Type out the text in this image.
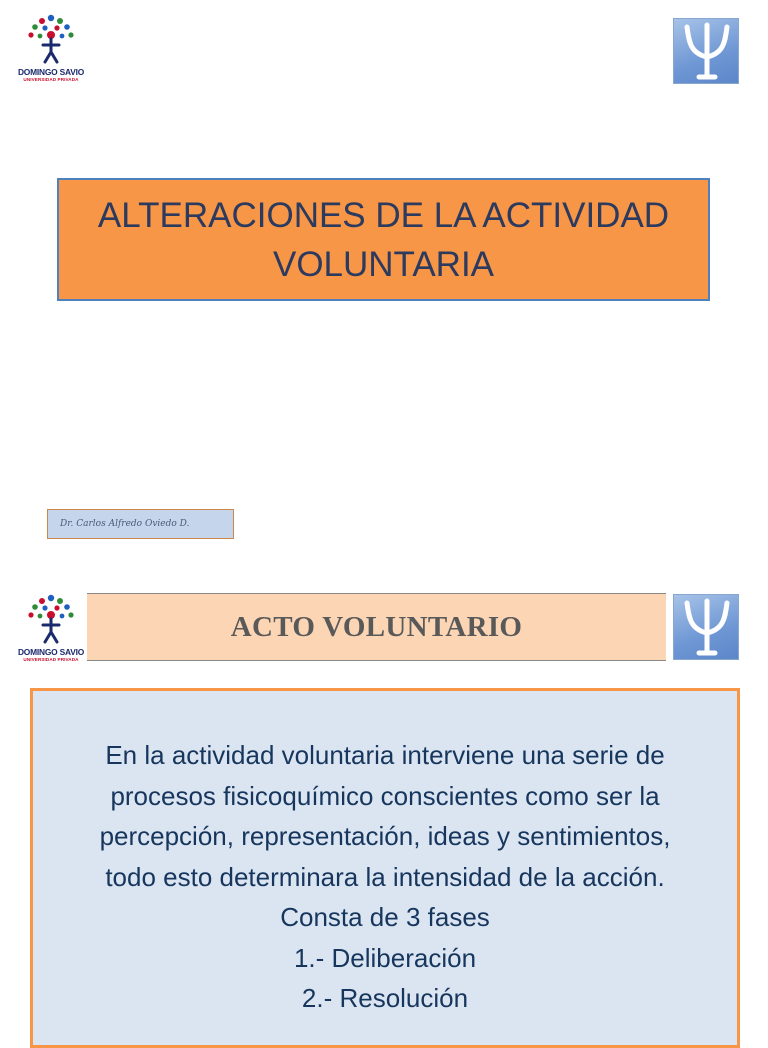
DOMINGO SAVIO
UNIVERSIDAD PRIVADA

ALTERACIONES DE LA ACTIVIDAD
VOLUNTARIA

Dr. Carlos Alfredo Oviedo D.
DOMINGO SAVIO
UNIVERSIDAD PRIVADA
ACTO VOLUNTARIO

En la actividad voluntaria interviene una serie de

procesos fisicoquímico conscientes como ser la

percepción, representación, ideas y sentimientos,

todo esto determinara la intensidad de la acción.

Consta de 3 fases

1.- Deliberación

2.- Resolución
